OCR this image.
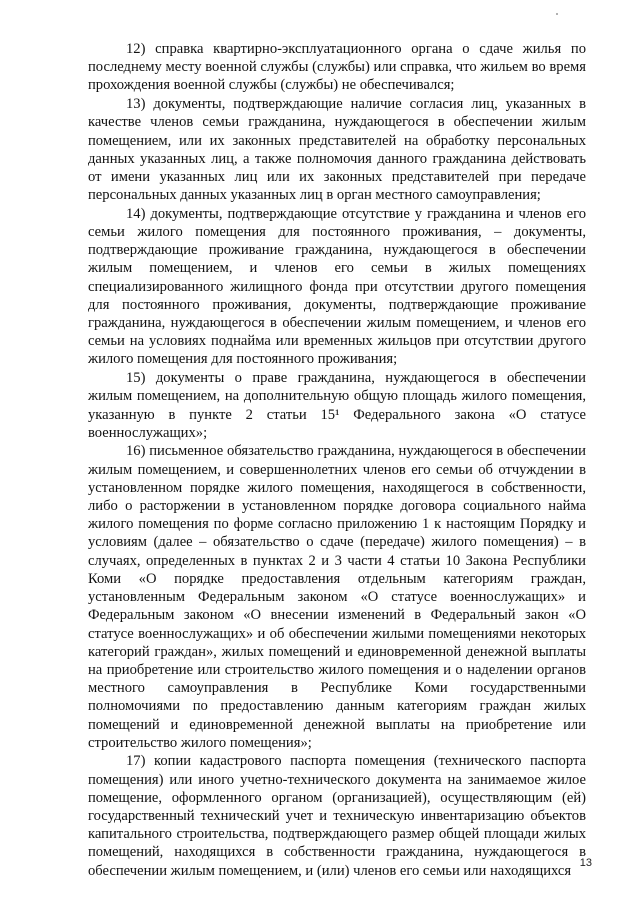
12) справка квартирно-эксплуатационного органа о сдаче жилья по последнему месту военной службы (службы) или справка, что жильем во время прохождения военной службы (службы) не обеспечивался;

13) документы, подтверждающие наличие согласия лиц, указанных в качестве членов семьи гражданина, нуждающегося в обеспечении жилым помещением, или их законных представителей на обработку персональных данных указанных лиц, а также полномочия данного гражданина действовать от имени указанных лиц или их законных представителей при передаче персональных данных указанных лиц в орган местного самоуправления;

14) документы, подтверждающие отсутствие у гражданина и членов его семьи жилого помещения для постоянного проживания, – документы, подтверждающие проживание гражданина, нуждающегося в обеспечении жилым помещением, и членов его семьи в жилых помещениях специализированного жилищного фонда при отсутствии другого помещения для постоянного проживания, документы, подтверждающие проживание гражданина, нуждающегося в обеспечении жилым помещением, и членов его семьи на условиях поднайма или временных жильцов при отсутствии другого жилого помещения для постоянного проживания;

15) документы о праве гражданина, нуждающегося в обеспечении жилым помещением, на дополнительную общую площадь жилого помещения, указанную в пункте 2 статьи 15¹ Федерального закона «О статусе военнослужащих»;

16) письменное обязательство гражданина, нуждающегося в обеспечении жилым помещением, и совершеннолетних членов его семьи об отчуждении в установленном порядке жилого помещения, находящегося в собственности, либо о расторжении в установленном порядке договора социального найма жилого помещения по форме согласно приложению 1 к настоящим Порядку и условиям (далее – обязательство о сдаче (передаче) жилого помещения) – в случаях, определенных в пунктах 2 и 3 части 4 статьи 10 Закона Республики Коми «О порядке предоставления отдельным категориям граждан, установленным Федеральным законом «О статусе военнослужащих» и Федеральным законом «О внесении изменений в Федеральный закон «О статусе военнослужащих» и об обеспечении жилыми помещениями некоторых категорий граждан», жилых помещений и единовременной денежной выплаты на приобретение или строительство жилого помещения и о наделении органов местного самоуправления в Республике Коми государственными полномочиями по предоставлению данным категориям граждан жилых помещений и единовременной денежной выплаты на приобретение или строительство жилого помещения»;

17) копии кадастрового паспорта помещения (технического паспорта помещения) или иного учетно-технического документа на занимаемое жилое помещение, оформленного органом (организацией), осуществляющим (ей) государственный технический учет и техническую инвентаризацию объектов капитального строительства, подтверждающего размер общей площади жилых помещений, находящихся в собственности гражданина, нуждающегося в обеспечении жилым помещением, и (или) членов его семьи или находящихся 13
